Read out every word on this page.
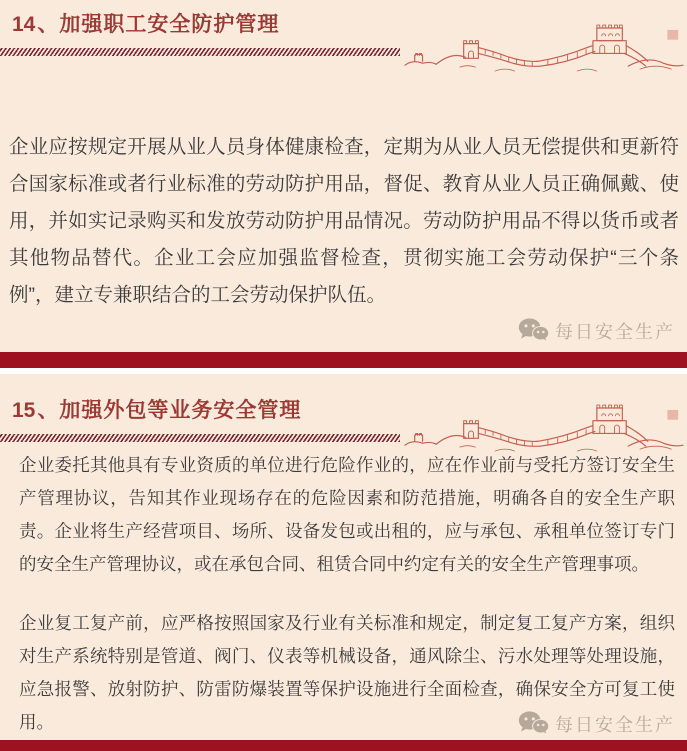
14、加强职工安全防护管理

企业应按规定开展从业人员身体健康检查，定期为从业人员无偿提供和更新符合国家标准或者行业标准的劳动防护用品，督促、教育从业人员正确佩戴、使用，并如实记录购买和发放劳动防护用品情况。劳动防护用品不得以货币或者其他物品替代。企业工会应加强监督检查，贯彻实施工会劳动保护“三个条例”，建立专兼职结合的工会劳动保护队伍。

每日安全生产
15、加强外包等业务安全管理

企业委托其他具有专业资质的单位进行危险作业的，应在作业前与受托方签订安全生产管理协议，告知其作业现场存在的危险因素和防范措施，明确各自的安全生产职责。企业将生产经营项目、场所、设备发包或出租的，应与承包、承租单位签订专门的安全生产管理协议，或在承包合同、租赁合同中约定有关的安全生产管理事项。

企业复工复产前，应严格按照国家及行业有关标准和规定，制定复工复产方案，组织对生产系统特别是管道、阀门、仪表等机械设备，通风除尘、污水处理等处理设施，应急报警、放射防护、防雷防爆装置等保护设施进行全面检查，确保安全方可复工使用。	每日安全生产
